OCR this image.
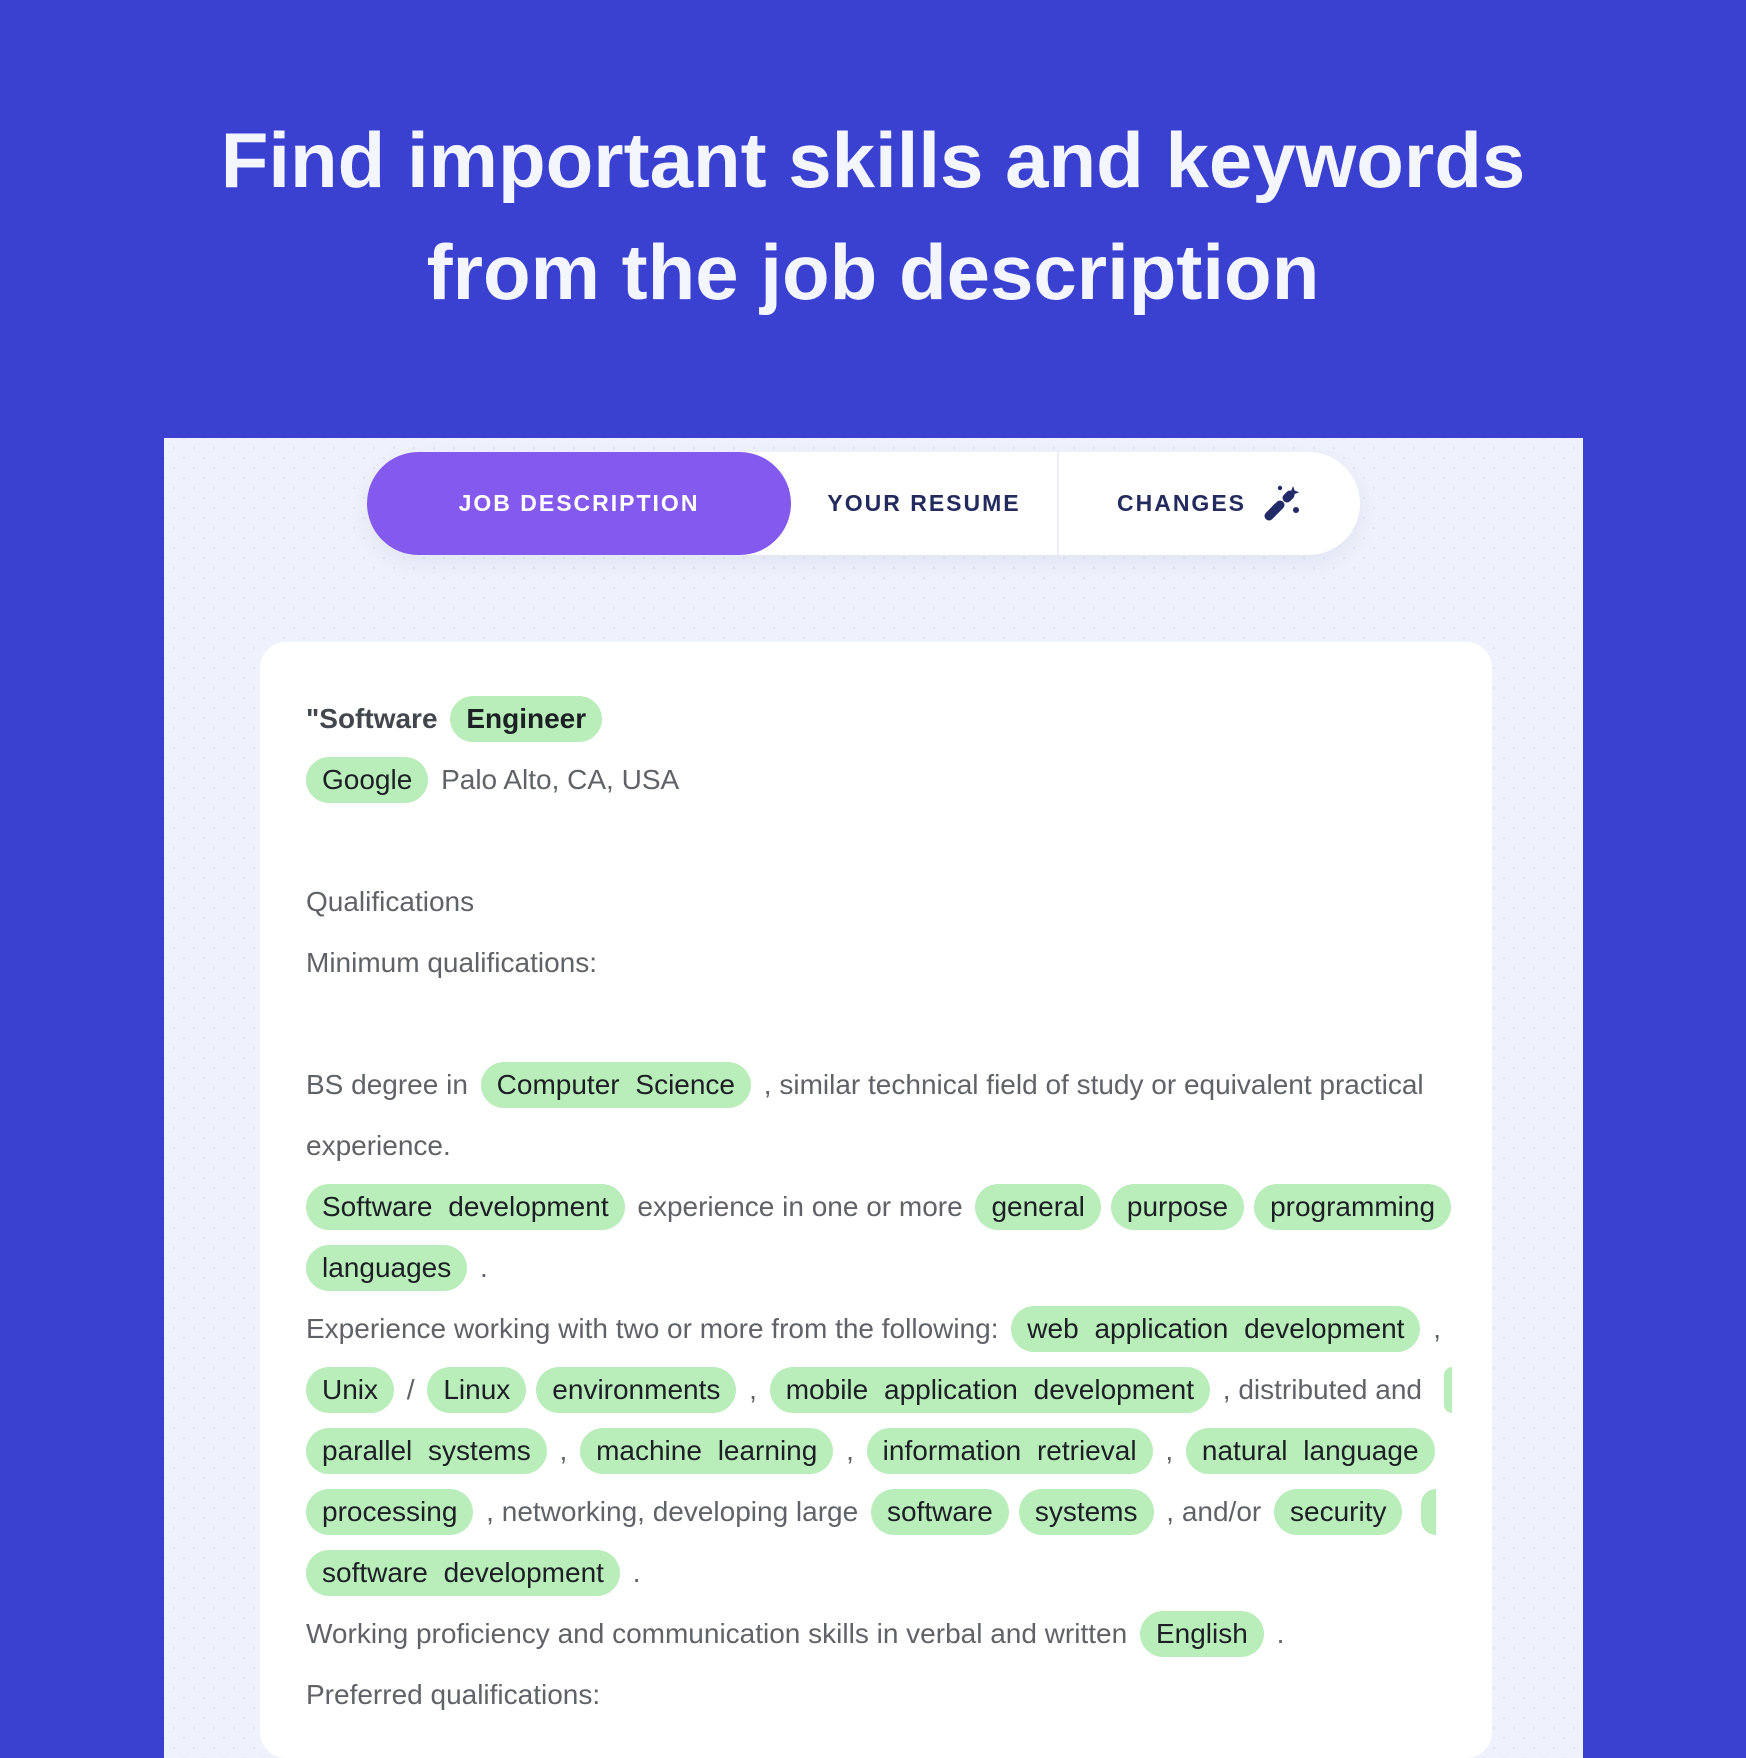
Find important skills and keywords
from the job description
JOB DESCRIPTION	YOUR RESUME	CHANGES
"Software Engineer
Google Palo Alto, CA, USA
Qualifications
Minimum qualifications:
BS degree in Computer Science , similar technical field of study or equivalent practical
experience.
Software development experience in one or more general	purpose	programming
languages .
Experience working with two or more from the following: web application development ,
Unix / Linux	environments , mobile application development , distributed and
parallel systems , machine learning , information retrieval , natural language
processing , networking, developing large software	systems , and/or security
software development .
Working proficiency and communication skills in verbal and written English .
Preferred qualifications:
